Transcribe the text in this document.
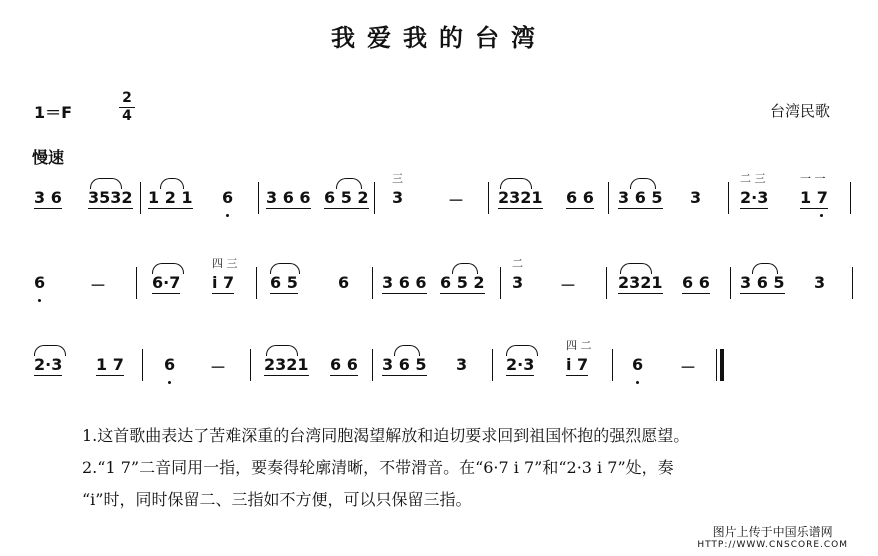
我爱我的台湾
1＝F
2
4	台湾民歌
慢速
3 6 3532 1 2 1 6 3 6 6 6 5 2
三
3	－ 2321 6 6 3 6 5 3
二 三
2·3
一 一
1 7
6	－	6·7
四 三
i 7 6 5	6 3 6 6 6 5 2
二
3 －	2321 6 6 3 6 5 3
2·3 1 7	6 － 2321 6 6 3 6 5 3 2·3
四 二
i 7	6 －

1.这首歌曲表达了苦难深重的台湾同胞渴望解放和迫切要求回到祖国怀抱的强烈愿望。

2.“1 7”二音同用一指，要奏得轮廓清晰，不带滑音。在“6·7 i 7”和“2·3 i 7”处，奏

“i”时，同时保留二、三指如不方便，可以只保留三指。

图片上传于中国乐谱网
HTTP://WWW.CNSCORE.COM
